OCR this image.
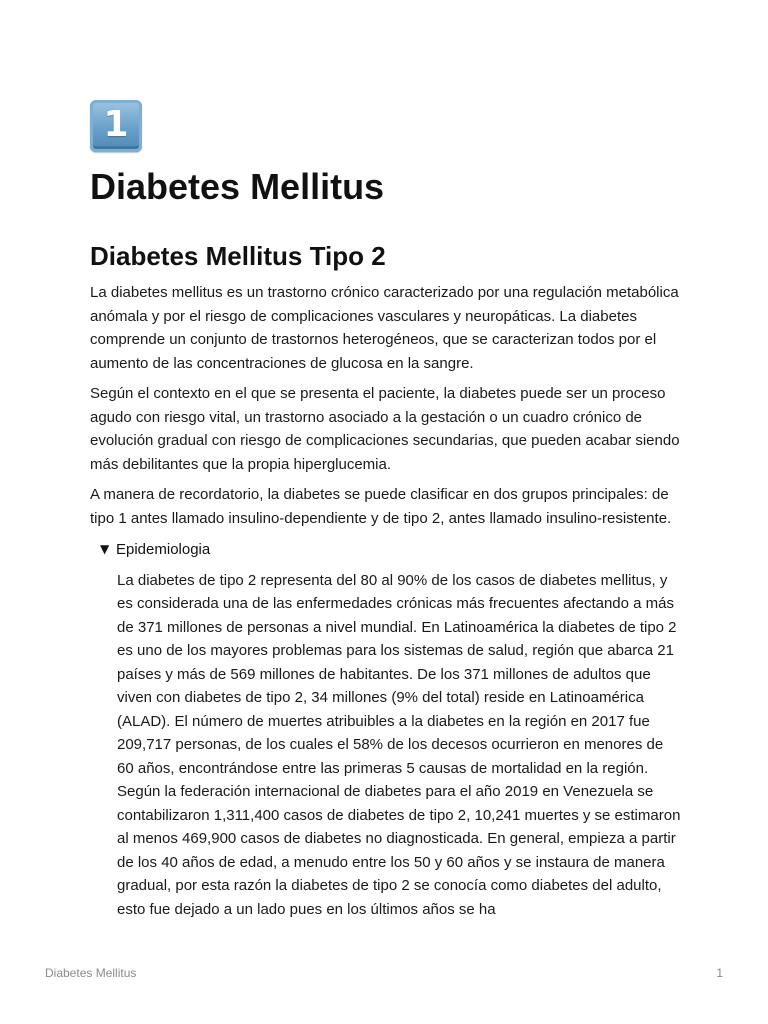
1
Diabetes Mellitus
Diabetes Mellitus Tipo 2

La diabetes mellitus es un trastorno crónico caracterizado por una regulación metabólica anómala y por el riesgo de complicaciones vasculares y neuropáticas. La diabetes comprende un conjunto de trastornos heterogéneos, que se caracterizan todos por el aumento de las concentraciones de glucosa en la sangre.

Según el contexto en el que se presenta el paciente, la diabetes puede ser un proceso agudo con riesgo vital, un trastorno asociado a la gestación o un cuadro crónico de evolución gradual con riesgo de complicaciones secundarias, que pueden acabar siendo más debilitantes que la propia hiperglucemia.

A manera de recordatorio, la diabetes se puede clasificar en dos grupos principales: de tipo 1 antes llamado insulino-dependiente y de tipo 2, antes llamado insulino-resistente.

▼ Epidemiologia

La diabetes de tipo 2 representa del 80 al 90% de los casos de diabetes mellitus, y es considerada una de las enfermedades crónicas más frecuentes afectando a más de 371 millones de personas a nivel mundial. En Latinoamérica la diabetes de tipo 2 es uno de los mayores problemas para los sistemas de salud, región que abarca 21 países y más de 569 millones de habitantes. De los 371 millones de adultos que viven con diabetes de tipo 2, 34 millones (9% del total) reside en Latinoamérica (ALAD). El número de muertes atribuibles a la diabetes en la región en 2017 fue 209,717 personas, de los cuales el 58% de los decesos ocurrieron en menores de 60 años, encontrándose entre las primeras 5 causas de mortalidad en la región. Según la federación internacional de diabetes para el año 2019 en Venezuela se contabilizaron 1,311,400 casos de diabetes de tipo 2, 10,241 muertes y se estimaron al menos 469,900 casos de diabetes no diagnosticada. En general, empieza a partir de los 40 años de edad, a menudo entre los 50 y 60 años y se instaura de manera gradual, por esta razón la diabetes de tipo 2 se conocía como diabetes del adulto, esto fue dejado a un lado pues en los últimos años se ha

Diabetes Mellitus	1
